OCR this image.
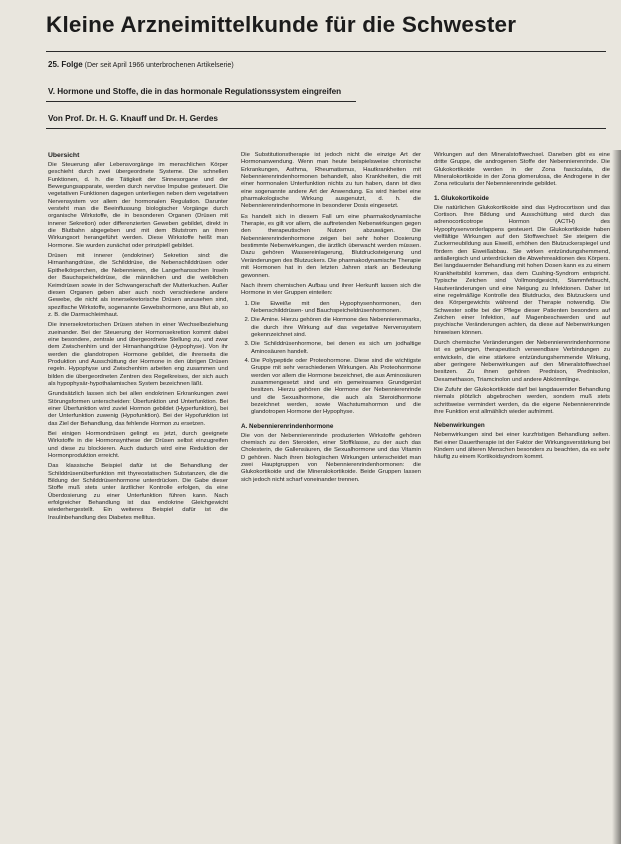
Kleine Arzneimittelkunde für die Schwester
25. Folge (Der seit April 1966 unterbrochenen Artikelserie)
V. Hormone und Stoffe, die in das hormonale Regulationssystem eingreifen
Von Prof. Dr. H. G. Knauff und Dr. H. Gerdes
Übersicht

Die Steuerung aller Lebensvorgänge im menschlichen Körper geschieht durch zwei übergeordnete Systeme. Die schnellen Funktionen, d. h. die Tätigkeit der Sinnesorgane und der Bewegungsapparate, werden durch nervöse Impulse gesteuert. Die vegetativen Funktionen dagegen unterliegen neben dem vegetativen Nervensystem vor allem der hormonalen Regulation. Darunter versteht man die Beeinflussung biologischer Vorgänge durch organische Wirkstoffe, die in besonderen Organen (Drüsen mit innerer Sekretion) oder differenzierten Geweben gebildet, direkt in die Blutbahn abgegeben und mit dem Blutstrom an ihren Wirkungsort herangeführt werden. Diese Wirkstoffe heißt man Hormone. Sie wurden zunächst oder prinzipiell gebildet.

Drüsen mit innerer (endokriner) Sekretion sind: die Hirnanhangdrüse, die Schilddrüse, die Nebenschilddrüsen oder Epithelkörperchen, die Nebennieren, die Langerhansschen Inseln der Bauchspeicheldrüse, die männlichen und die weiblichen Keimdrüsen sowie in der Schwangerschaft der Mutterkuchen. Außer diesen Organen geben aber auch noch verschiedene andere Gewebe, die nicht als innersekretorische Drüsen anzusehen sind, spezifische Wirkstoffe, sogenannte Gewebshormone, ans Blut ab, so z. B. die Darmschleimhaut.

Die innersekretorischen Drüsen stehen in einer Wechselbeziehung zueinander. Bei der Steuerung der Hormonsekretion kommt dabei eine besondere, zentrale und übergeordnete Stellung zu, und zwar dem Zwischenhirn und der Hirnanhangdrüse (Hypophyse). Von ihr werden die glandotropen Hormone gebildet, die ihrerseits die Produktion und Ausschüttung der Hormone in den übrigen Drüsen regeln. Hypophyse und Zwischenhirn arbeiten eng zusammen und bilden die übergeordneten Zentren des Regelkreises, der sich auch als hypophysär-hypothalamisches System bezeichnen läßt.

Grundsätzlich lassen sich bei allen endokrinen Erkrankungen zwei Störungsformen unterscheiden: Überfunktion und Unterfunktion. Bei einer Überfunktion wird zuviel Hormon gebildet (Hyperfunktion), bei der Unterfunktion zuwenig (Hypofunktion). Bei der Hypofunktion ist das Ziel der Behandlung, das fehlende Hormon zu ersetzen.

Bei einigen Hormondrüsen gelingt es jetzt, durch geeignete Wirkstoffe in die Hormonsynthese der Drüsen selbst einzugreifen und diese zu blockieren. Auch dadurch wird eine Reduktion der Hormonproduktion erreicht.

Das klassische Beispiel dafür ist die Behandlung der Schilddrüsenüberfunktion mit thyreostatischen Substanzen, die die Bildung der Schilddrüsenhormone unterdrücken. Die Gabe dieser Stoffe muß stets unter ärztlicher Kontrolle erfolgen, da eine Überdosierung zu einer Unterfunktion führen kann. Nach erfolgreicher Behandlung ist das endokrine Gleichgewicht wiederhergestellt. Ein weiteres Beispiel dafür ist die Insulinbehandlung des Diabetes mellitus.

Die Substitutionstherapie ist jedoch nicht die einzige Art der Hormonanwendung. Wenn man heute beispielsweise chronische Erkrankungen, Asthma, Rheumatismus, Hautkrankheiten mit Nebennierenrindenhormonen behandelt, also Krankheiten, die mit einer hormonalen Unterfunktion nichts zu tun haben, dann ist dies eine sogenannte andere Art der Anwendung. Es wird hierbei eine pharmakologische Wirkung ausgenutzt, d. h. die Nebennierenrindenhormone in besonderer Dosis eingesetzt.

Es handelt sich in diesem Fall um eine pharmakodynamische Therapie, es gilt vor allem, die auftretenden Nebenwirkungen gegen den therapeutischen Nutzen abzuwägen. Die Nebennierenrindenhormone zeigen bei sehr hoher Dosierung bestimmte Nebenwirkungen, die ärztlich überwacht werden müssen. Dazu gehören Wassereinlagerung, Blutdrucksteigerung und Veränderungen des Blutzuckers. Die pharmakodynamische Therapie mit Hormonen hat in den letzten Jahren stark an Bedeutung gewonnen.

Nach ihrem chemischen Aufbau und ihrer Herkunft lassen sich die Hormone in vier Gruppen einteilen:

1. Die Eiweiße mit den Hypophysenhormonen, den Nebenschilddrüsen- und Bauchspeicheldrüsenhormonen.
2. Die Amine. Hierzu gehören die Hormone des Nebennierenmarks, die durch ihre Wirkung auf das vegetative Nervensystem gekennzeichnet sind.
3. Die Schilddrüsenhormone, bei denen es sich um jodhaltige Aminosäuren handelt.
4. Die Polypeptide oder Proteohormone. Diese sind die wichtigste Gruppe mit sehr verschiedenen Wirkungen. Als Proteohormone werden vor allem die Hormone bezeichnet, die aus Aminosäuren zusammengesetzt sind und ein gemeinsames Grundgerüst besitzen. Hierzu gehören die Hormone der Nebennierenrinde und die Sexualhormone, die auch als Steroidhormone bezeichnet werden, sowie Wachstumshormon und die glandotropen Hormone der Hypophyse.
A. Nebennierenrindenhormone

Die von der Nebennierenrinde produzierten Wirkstoffe gehören chemisch zu den Steroiden, einer Stoffklasse, zu der auch das Cholesterin, die Gallensäuren, die Sexualhormone und das Vitamin D gehören. Nach ihren biologischen Wirkungen unterscheidet man zwei Hauptgruppen von Nebennierenrindenhormonen: die Glukokortikoide und die Mineralokortikoide. Beide Gruppen lassen sich jedoch nicht scharf voneinander trennen.

Wirkungen auf den Mineralstoffwechsel. Daneben gibt es eine dritte Gruppe, die androgenen Stoffe der Nebennierenrinde. Die Glukokortikoide werden in der Zona fasciculata, die Mineralokortikoide in der Zona glomerulosa, die Androgene in der Zona reticularis der Nebennierenrinde gebildet.

1. Glukokortikoide

Die natürlichen Glukokortikoide sind das Hydrocortison und das Cortison. Ihre Bildung und Ausschüttung wird durch das adrenocorticotrope Hormon (ACTH) des Hypophysenvorderlappens gesteuert. Die Glukokortikoide haben vielfältige Wirkungen auf den Stoffwechsel: Sie steigern die Zuckerneubildung aus Eiweiß, erhöhen den Blutzuckerspiegel und fördern den Eiweißabbau. Sie wirken entzündungshemmend, antiallergisch und unterdrücken die Abwehrreaktionen des Körpers. Bei langdauernder Behandlung mit hohen Dosen kann es zu einem Krankheitsbild kommen, das dem Cushing-Syndrom entspricht. Typische Zeichen sind Vollmondgesicht, Stammfettsucht, Hautveränderungen und eine Neigung zu Infektionen. Daher ist eine regelmäßige Kontrolle des Blutdrucks, des Blutzuckers und des Körpergewichts während der Therapie notwendig. Die Schwester sollte bei der Pflege dieser Patienten besonders auf Zeichen einer Infektion, auf Magenbeschwerden und auf psychische Veränderungen achten, da diese auf Nebenwirkungen hinweisen können.

Durch chemische Veränderungen der Nebennierenrindenhormone ist es gelungen, therapeutisch verwendbare Verbindungen zu entwickeln, die eine stärkere entzündungshemmende Wirkung, aber geringere Nebenwirkungen auf den Mineralstoffwechsel besitzen. Zu ihnen gehören Prednison, Prednisolon, Dexamethason, Triamcinolon und andere Abkömmlinge.

Die Zufuhr der Glukokortikoide darf bei langdauernder Behandlung niemals plötzlich abgebrochen werden, sondern muß stets schrittweise vermindert werden, da die eigene Nebennierenrinde ihre Funktion erst allmählich wieder aufnimmt.

Nebenwirkungen

Nebenwirkungen sind bei einer kurzfristigen Behandlung selten. Bei einer Dauertherapie ist der Faktor der Wirkungsverstärkung bei Kindern und älteren Menschen besonders zu beachten, da es sehr häufig zu einem Kortikoidsyndrom kommt.
